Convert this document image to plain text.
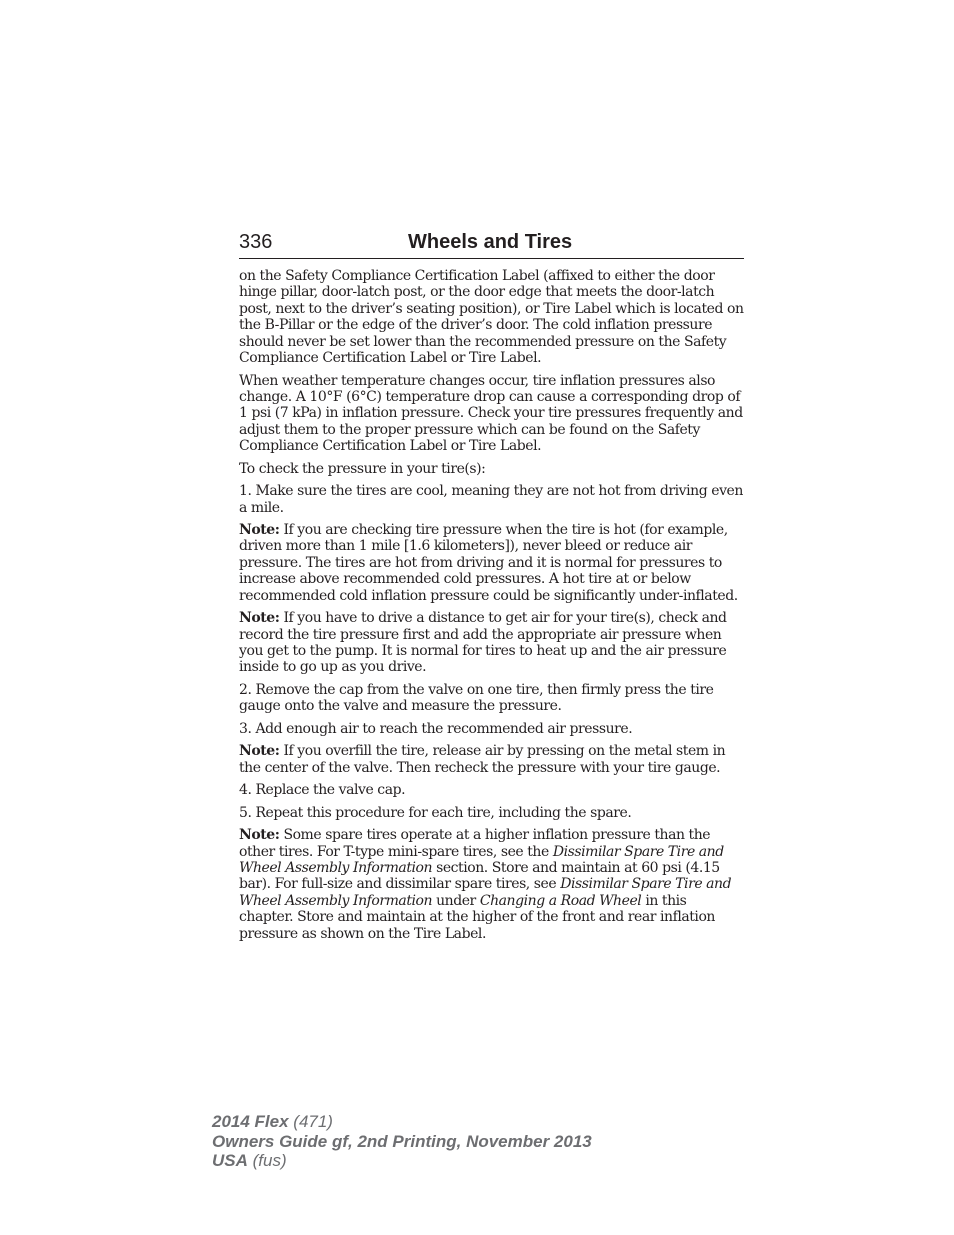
336	Wheels and Tires

on the Safety Compliance Certification Label (affixed to either the door hinge pillar, door-latch post, or the door edge that meets the door-latch post, next to the driver’s seating position), or Tire Label which is located on the B-Pillar or the edge of the driver’s door. The cold inflation pressure should never be set lower than the recommended pressure on the Safety Compliance Certification Label or Tire Label.

When weather temperature changes occur, tire inflation pressures also change. A 10°F (6°C) temperature drop can cause a corresponding drop of 1 psi (7 kPa) in inflation pressure. Check your tire pressures frequently and adjust them to the proper pressure which can be found on the Safety Compliance Certification Label or Tire Label.

To check the pressure in your tire(s):

1. Make sure the tires are cool, meaning they are not hot from driving even a mile.

Note: If you are checking tire pressure when the tire is hot (for example, driven more than 1 mile [1.6 kilometers]), never bleed or reduce air pressure. The tires are hot from driving and it is normal for pressures to increase above recommended cold pressures. A hot tire at or below recommended cold inflation pressure could be significantly under-inflated.

Note: If you have to drive a distance to get air for your tire(s), check and record the tire pressure first and add the appropriate air pressure when you get to the pump. It is normal for tires to heat up and the air pressure inside to go up as you drive.

2. Remove the cap from the valve on one tire, then firmly press the tire gauge onto the valve and measure the pressure.

3. Add enough air to reach the recommended air pressure.

Note: If you overfill the tire, release air by pressing on the metal stem in the center of the valve. Then recheck the pressure with your tire gauge.

4. Replace the valve cap.

5. Repeat this procedure for each tire, including the spare.

Note: Some spare tires operate at a higher inflation pressure than the other tires. For T-type mini-spare tires, see the Dissimilar Spare Tire and Wheel Assembly Information section. Store and maintain at 60 psi (4.15 bar). For full-size and dissimilar spare tires, see Dissimilar Spare Tire and Wheel Assembly Information under Changing a Road Wheel in this chapter. Store and maintain at the higher of the front and rear inflation pressure as shown on the Tire Label.

2014 Flex (471)
Owners Guide gf, 2nd Printing, November 2013
USA (fus)
